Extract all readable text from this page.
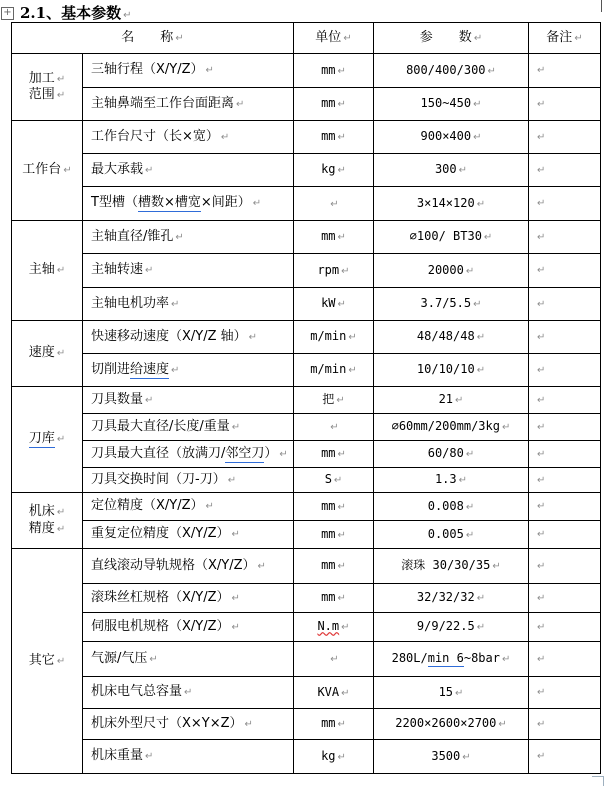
+ 2.1、基本参数 ↵
名　　称 ↵		单位 ↵	参　　数 ↵	备注 ↵

加工 ↵
范围 ↵	三轴行程（X/Y/Z） ↵	mm ↵	800/400/300 ↵	↵
	主轴鼻端至工作台面距离 ↵	mm ↵	150~450 ↵	↵

工作台 ↵	工作台尺寸（长×宽） ↵	mm ↵	900×400 ↵	↵
	最大承载 ↵	kg ↵	300 ↵	↵
	T型槽（槽数×槽宽×间距） ↵	↵	3×14×120 ↵	↵

主轴 ↵	主轴直径/锥孔 ↵	mm ↵	∅100/ BT30 ↵	↵
	主轴转速 ↵	rpm ↵	20000 ↵	↵
	主轴电机功率 ↵	kW ↵	3.7/5.5 ↵	↵

速度 ↵	快速移动速度（X/Y/Z 轴） ↵	m/min ↵	48/48/48 ↵	↵
	切削进给速度 ↵	m/min ↵	10/10/10 ↵	↵

刀库 ↵	刀具数量 ↵	把 ↵	21 ↵	↵
	刀具最大直径/长度/重量 ↵	↵	∅60mm/200mm/3kg ↵	↵
	刀具最大直径（放满刀/邻空刀） ↵	mm ↵	60/80 ↵	↵
	刀具交换时间（刀-刀） ↵	S ↵	1.3 ↵	↵

机床 ↵
精度 ↵	定位精度（X/Y/Z） ↵	mm ↵	0.008 ↵	↵
	重复定位精度（X/Y/Z） ↵	mm ↵	0.005 ↵	↵

其它 ↵	直线滚动导轨规格（X/Y/Z） ↵	mm ↵	滚珠 30/30/35 ↵	↵
	滚珠丝杠规格（X/Y/Z） ↵	mm ↵	32/32/32 ↵	↵
	伺服电机规格（X/Y/Z） ↵	N.m ↵	9/9/22.5 ↵	↵
	气源/气压 ↵	↵	280L/min 6~8bar ↵	↵
	机床电气总容量 ↵	KVA ↵	15 ↵	↵
	机床外型尺寸（X×Y×Z） ↵	mm ↵	2200×2600×2700 ↵	↵
	机床重量 ↵	kg ↵	3500 ↵	↵
